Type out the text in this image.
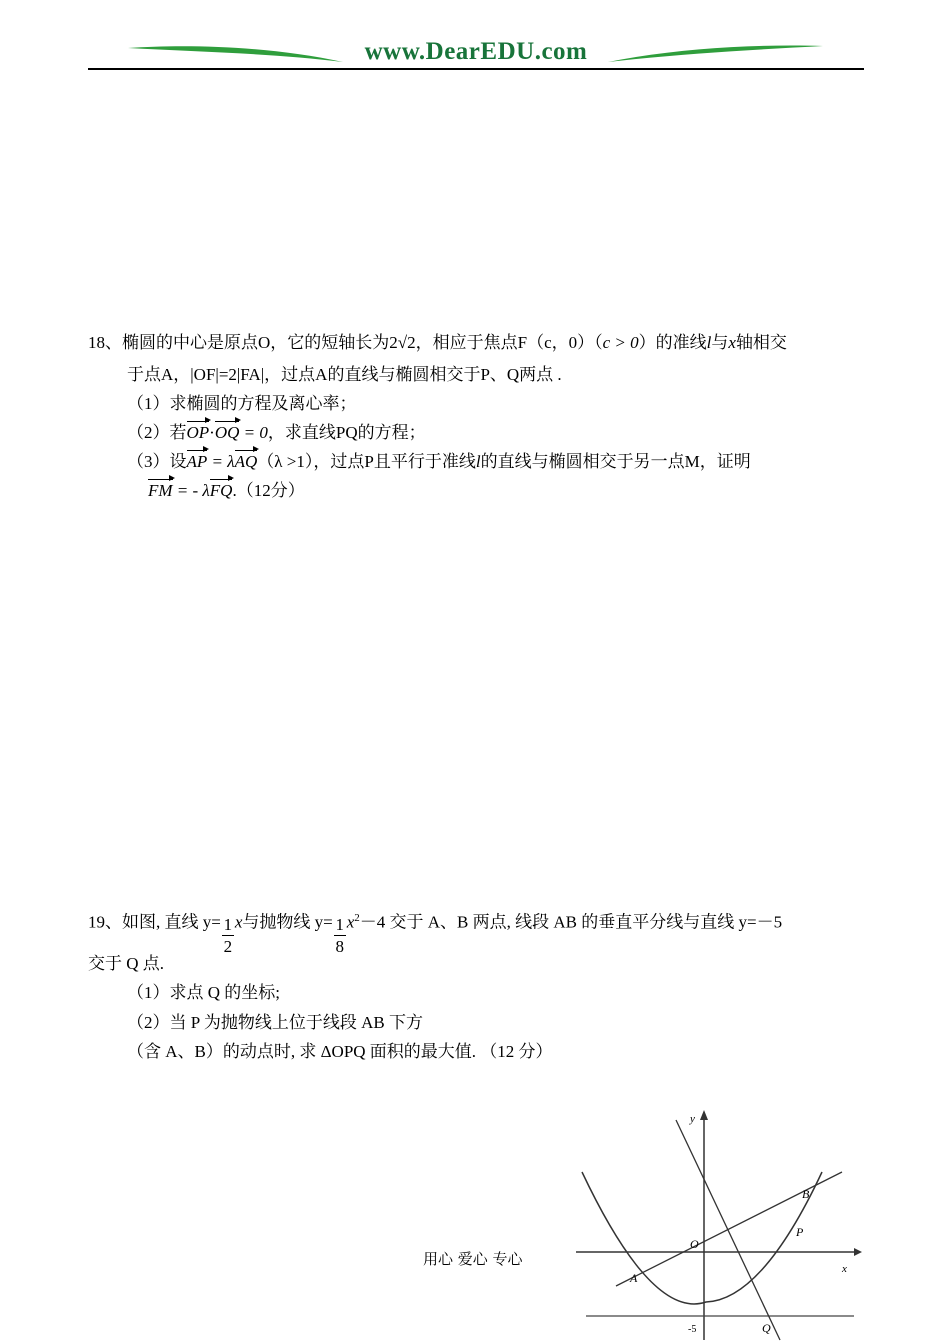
www.DearEDU.com
18、椭圆的中心是原点O，它的短轴长为2√2，相应于焦点F（c，0）（c > 0）的准线l与x轴相交
于点A，|OF|=2|FA|，过点A的直线与椭圆相交于P、Q两点 .
（1）求椭圆的方程及离心率；
（2）若OP·OQ = 0，求直线PQ的方程；
（3）设AP = λAQ（λ >1），过点P且平行于准线l的直线与椭圆相交于另一点M，证明
FM = - λFQ.（12分）
19、如图, 直线 $y= \frac{1}{2}$ x与抛物线 $y= \frac{1}{8} x^2-4$ 交于 A、B 两点, 线段 AB 的垂直平分线与直线 y=－5
交于 Q 点.
（1）求点 Q 的坐标;
（2）当 P 为抛物线上位于线段 AB 下方
（含 A、B）的动点时, 求 ΔOPQ 面积的最大值. （12 分）
y
x
O
A
B
P
Q
-5
用心 爱心 专心
